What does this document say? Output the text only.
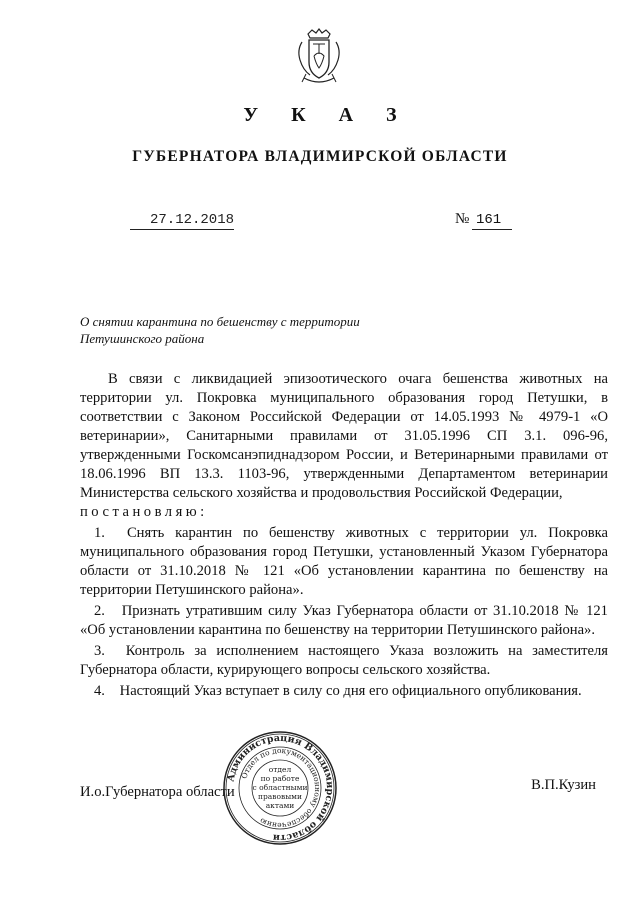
У К А З
ГУБЕРНАТОРА ВЛАДИМИРСКОЙ ОБЛАСТИ
27.12.2018	№ 161
О снятии карантина по бешенству с территории Петушинского района

В связи с ликвидацией эпизоотического очага бешенства животных на территории ул. Покровка муниципального образования город Петушки, в соответствии с Законом Российской Федерации от 14.05.1993 № 4979-1 «О ветеринарии», Санитарными правилами от 31.05.1996 СП 3.1. 096-96, утвержденными Госкомсанэпиднадзором России, и Ветеринарными правилами от 18.06.1996 ВП 13.3. 1103-96, утвержденными Департаментом ветеринарии Министерства сельского хозяйства и продовольствия Российской Федерации,

постановляю:

1. Снять карантин по бешенству животных с территории ул. Покровка муниципального образования город Петушки, установленный Указом Губернатора области от 31.10.2018 № 121 «Об установлении карантина по бешенству на территории Петушинского района».

2. Признать утратившим силу Указ Губернатора области от 31.10.2018 № 121 «Об установлении карантина по бешенству на территории Петушинского района».

3. Контроль за исполнением настоящего Указа возложить на заместителя Губернатора области, курирующего вопросы сельского хозяйства.

4. Настоящий Указ вступает в силу со дня его официального опубликования.

И.о.Губернатора области	В.П.Кузин
Администрация Владимирской области
Отдел по документационному обеспечению
отдел
по работе
с областными
правовыми
актами
